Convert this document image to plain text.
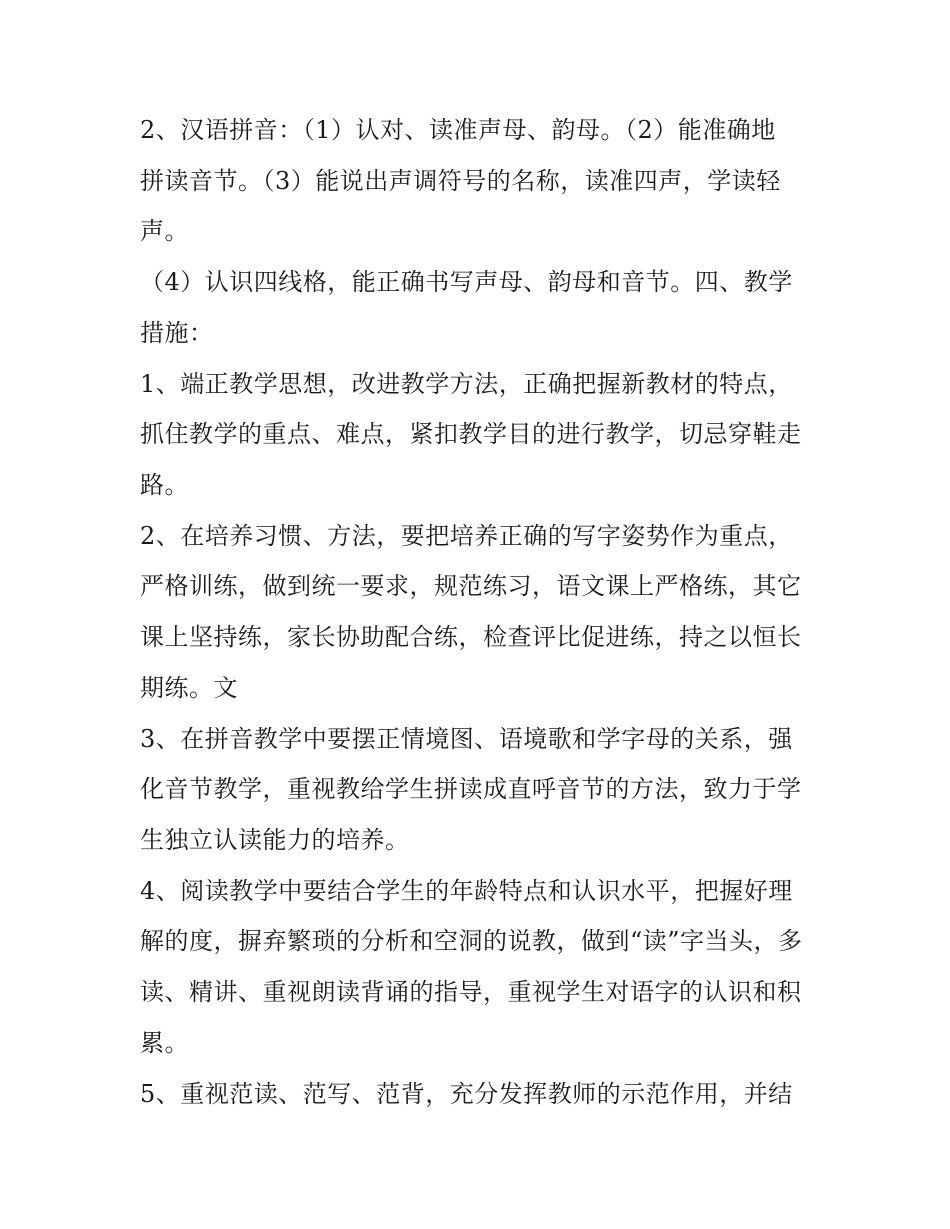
2、汉语拼音：（1）认对、读准声母、韵母。（2）能准确地
拼读音节。（3）能说出声调符号的名称，读准四声，学读轻
声。
（4）认识四线格，能正确书写声母、韵母和音节。四、教学
措施：
1、端正教学思想，改进教学方法，正确把握新教材的特点，
抓住教学的重点、难点，紧扣教学目的进行教学，切忌穿鞋走
路。
2、在培养习惯、方法，要把培养正确的写字姿势作为重点，
严格训练，做到统一要求，规范练习，语文课上严格练，其它
课上坚持练，家长协助配合练，检查评比促进练，持之以恒长
期练。文
3、在拼音教学中要摆正情境图、语境歌和学字母的关系，强
化音节教学，重视教给学生拼读成直呼音节的方法，致力于学
生独立认读能力的培养。
4、阅读教学中要结合学生的年龄特点和认识水平，把握好理
解的度，摒弃繁琐的分析和空洞的说教，做到“读”字当头，多
读、精讲、重视朗读背诵的指导，重视学生对语字的认识和积
累。
5、重视范读、范写、范背，充分发挥教师的示范作用，并结
